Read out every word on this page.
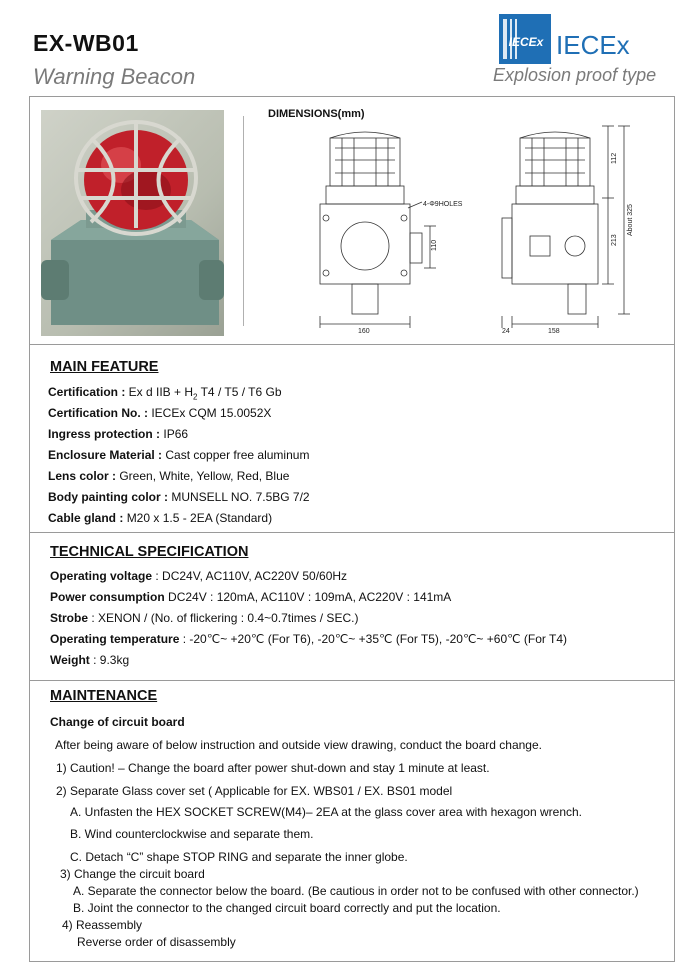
EX-WB01
Warning Beacon
IECEx IECEx
Explosion proof type
DIMENSIONS(mm)
4-Φ9HOLES
110
160
112
213
About 325
24	158
MAIN FEATURE
Certification : Ex d IIB + $H_2$ T4 / T5 / T6 Gb
Certification No. : IECEx CQM 15.0052X
Ingress protection : IP66
Enclosure Material : Cast copper free aluminum
Lens color : Green, White, Yellow, Red, Blue
Body painting color : MUNSELL NO. 7.5BG 7/2
Cable gland : M20 x 1.5 - 2EA (Standard)
TECHNICAL SPECIFICATION
Operating voltage : DC24V, AC110V, AC220V 50/60Hz
Power consumption DC24V : 120mA, AC110V : 109mA, AC220V : 141mA
Strobe : XENON / (No. of flickering : 0.4~0.7times / SEC.)
Operating temperature : -20℃~ +20℃ (For T6), -20℃~ +35℃ (For T5), -20℃~ +60℃ (For T4)
Weight : 9.3kg
MAINTENANCE
Change of circuit board
After being aware of below instruction and outside view drawing, conduct the board change.
1) Caution! – Change the board after power shut-down and stay 1 minute at least.
2) Separate Glass cover set ( Applicable for EX. WBS01 / EX. BS01 model
A. Unfasten the HEX SOCKET SCREW(M4)– 2EA at the glass cover area with hexagon wrench.
B. Wind counterclockwise and separate them.
C. Detach “C” shape STOP RING and separate the inner globe.
3) Change the circuit board
A. Separate the connector below the board. (Be cautious in order not to be confused with other connector.)
B. Joint the connector to the changed circuit board correctly and put the location.
4) Reassembly
Reverse order of disassembly
